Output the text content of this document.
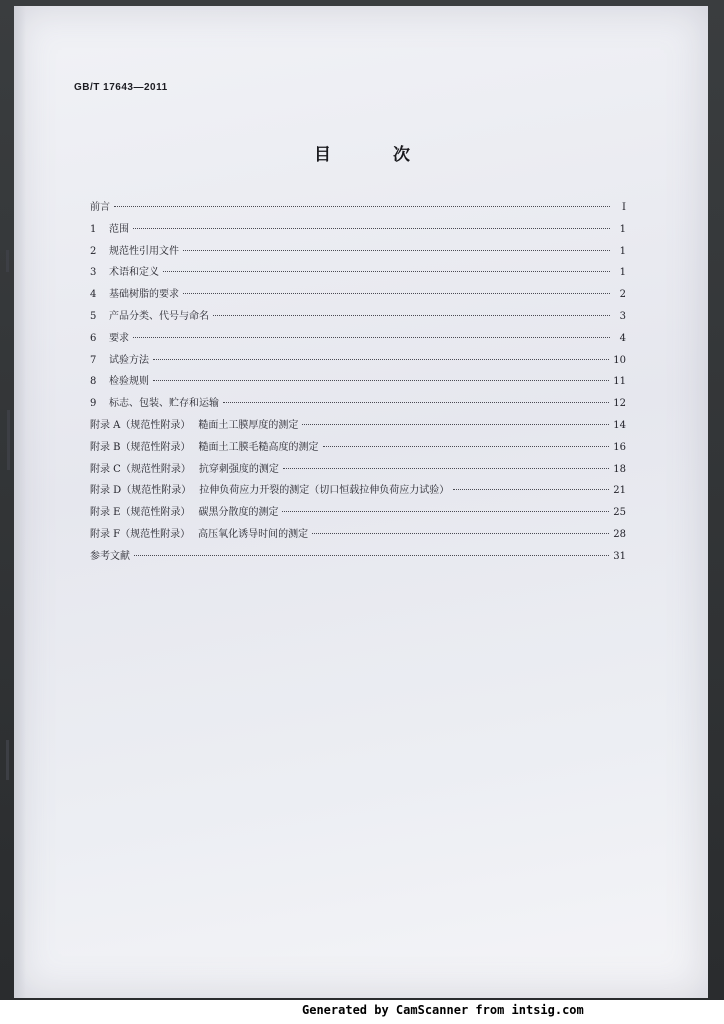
GB/T 17643—2011
目 次
前言	I
1	范围	1
2	规范性引用文件	1
3	术语和定义	1
4	基础树脂的要求	2
5	产品分类、代号与命名	3
6	要求	4
7	试验方法	10
8	检验规则	11
9	标志、包装、贮存和运输	12
附录 A（规范性附录） 糙面土工膜厚度的测定	14
附录 B（规范性附录） 糙面土工膜毛糙高度的测定	16
附录 C（规范性附录） 抗穿刺强度的测定	18
附录 D（规范性附录） 拉伸负荷应力开裂的测定（切口恒载拉伸负荷应力试验）	21
附录 E（规范性附录） 碳黑分散度的测定	25
附录 F（规范性附录） 高压氧化诱导时间的测定	28
参考文献	31
Generated by CamScanner from intsig.com
